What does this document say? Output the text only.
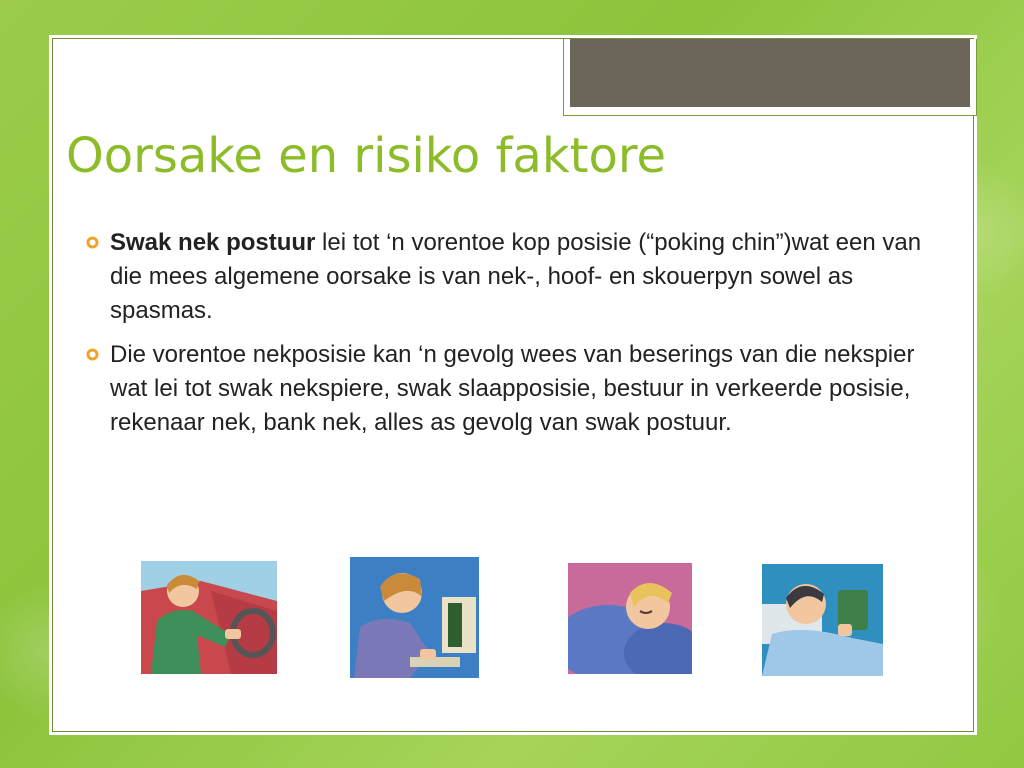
Oorsake en risiko faktore
Swak nek postuur lei tot ‘n vorentoe kop posisie (“poking chin”)wat een van die mees algemene oorsake is van nek-, hoof- en skouerpyn sowel as spasmas.
Die vorentoe nekposisie kan ‘n gevolg wees van beserings van die nekspier wat lei tot swak nekspiere, swak slaapposisie, bestuur in verkeerde posisie, rekenaar nek, bank nek, alles as gevolg van swak postuur.
